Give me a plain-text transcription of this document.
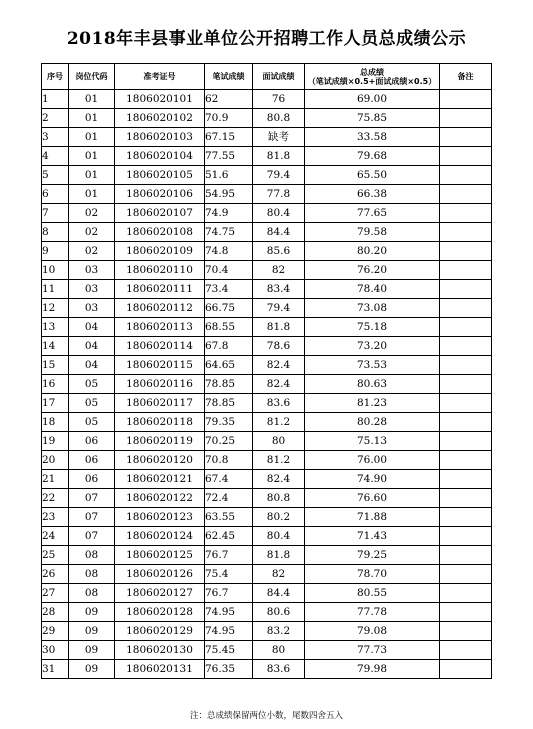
2018年丰县事业单位公开招聘工作人员总成绩公示
序号	岗位代码	准考证号	笔试成绩	面试成绩	总成绩
（笔试成绩×0.5+面试成绩×0.5）	备注
1	01	1806020101	62	76	69.00	
2	01	1806020102	70.9	80.8	75.85	
3	01	1806020103	67.15	缺考	33.58	
4	01	1806020104	77.55	81.8	79.68	
5	01	1806020105	51.6	79.4	65.50	
6	01	1806020106	54.95	77.8	66.38	
7	02	1806020107	74.9	80.4	77.65	
8	02	1806020108	74.75	84.4	79.58	
9	02	1806020109	74.8	85.6	80.20	
10	03	1806020110	70.4	82	76.20	
11	03	1806020111	73.4	83.4	78.40	
12	03	1806020112	66.75	79.4	73.08	
13	04	1806020113	68.55	81.8	75.18	
14	04	1806020114	67.8	78.6	73.20	
15	04	1806020115	64.65	82.4	73.53	
16	05	1806020116	78.85	82.4	80.63	
17	05	1806020117	78.85	83.6	81.23	
18	05	1806020118	79.35	81.2	80.28	
19	06	1806020119	70.25	80	75.13	
20	06	1806020120	70.8	81.2	76.00	
21	06	1806020121	67.4	82.4	74.90	
22	07	1806020122	72.4	80.8	76.60	
23	07	1806020123	63.55	80.2	71.88	
24	07	1806020124	62.45	80.4	71.43	
25	08	1806020125	76.7	81.8	79.25	
26	08	1806020126	75.4	82	78.70	
27	08	1806020127	76.7	84.4	80.55	
28	09	1806020128	74.95	80.6	77.78	
29	09	1806020129	74.95	83.2	79.08	
30	09	1806020130	75.45	80	77.73	
31	09	1806020131	76.35	83.6	79.98	
注：总成绩保留两位小数，尾数四舍五入
